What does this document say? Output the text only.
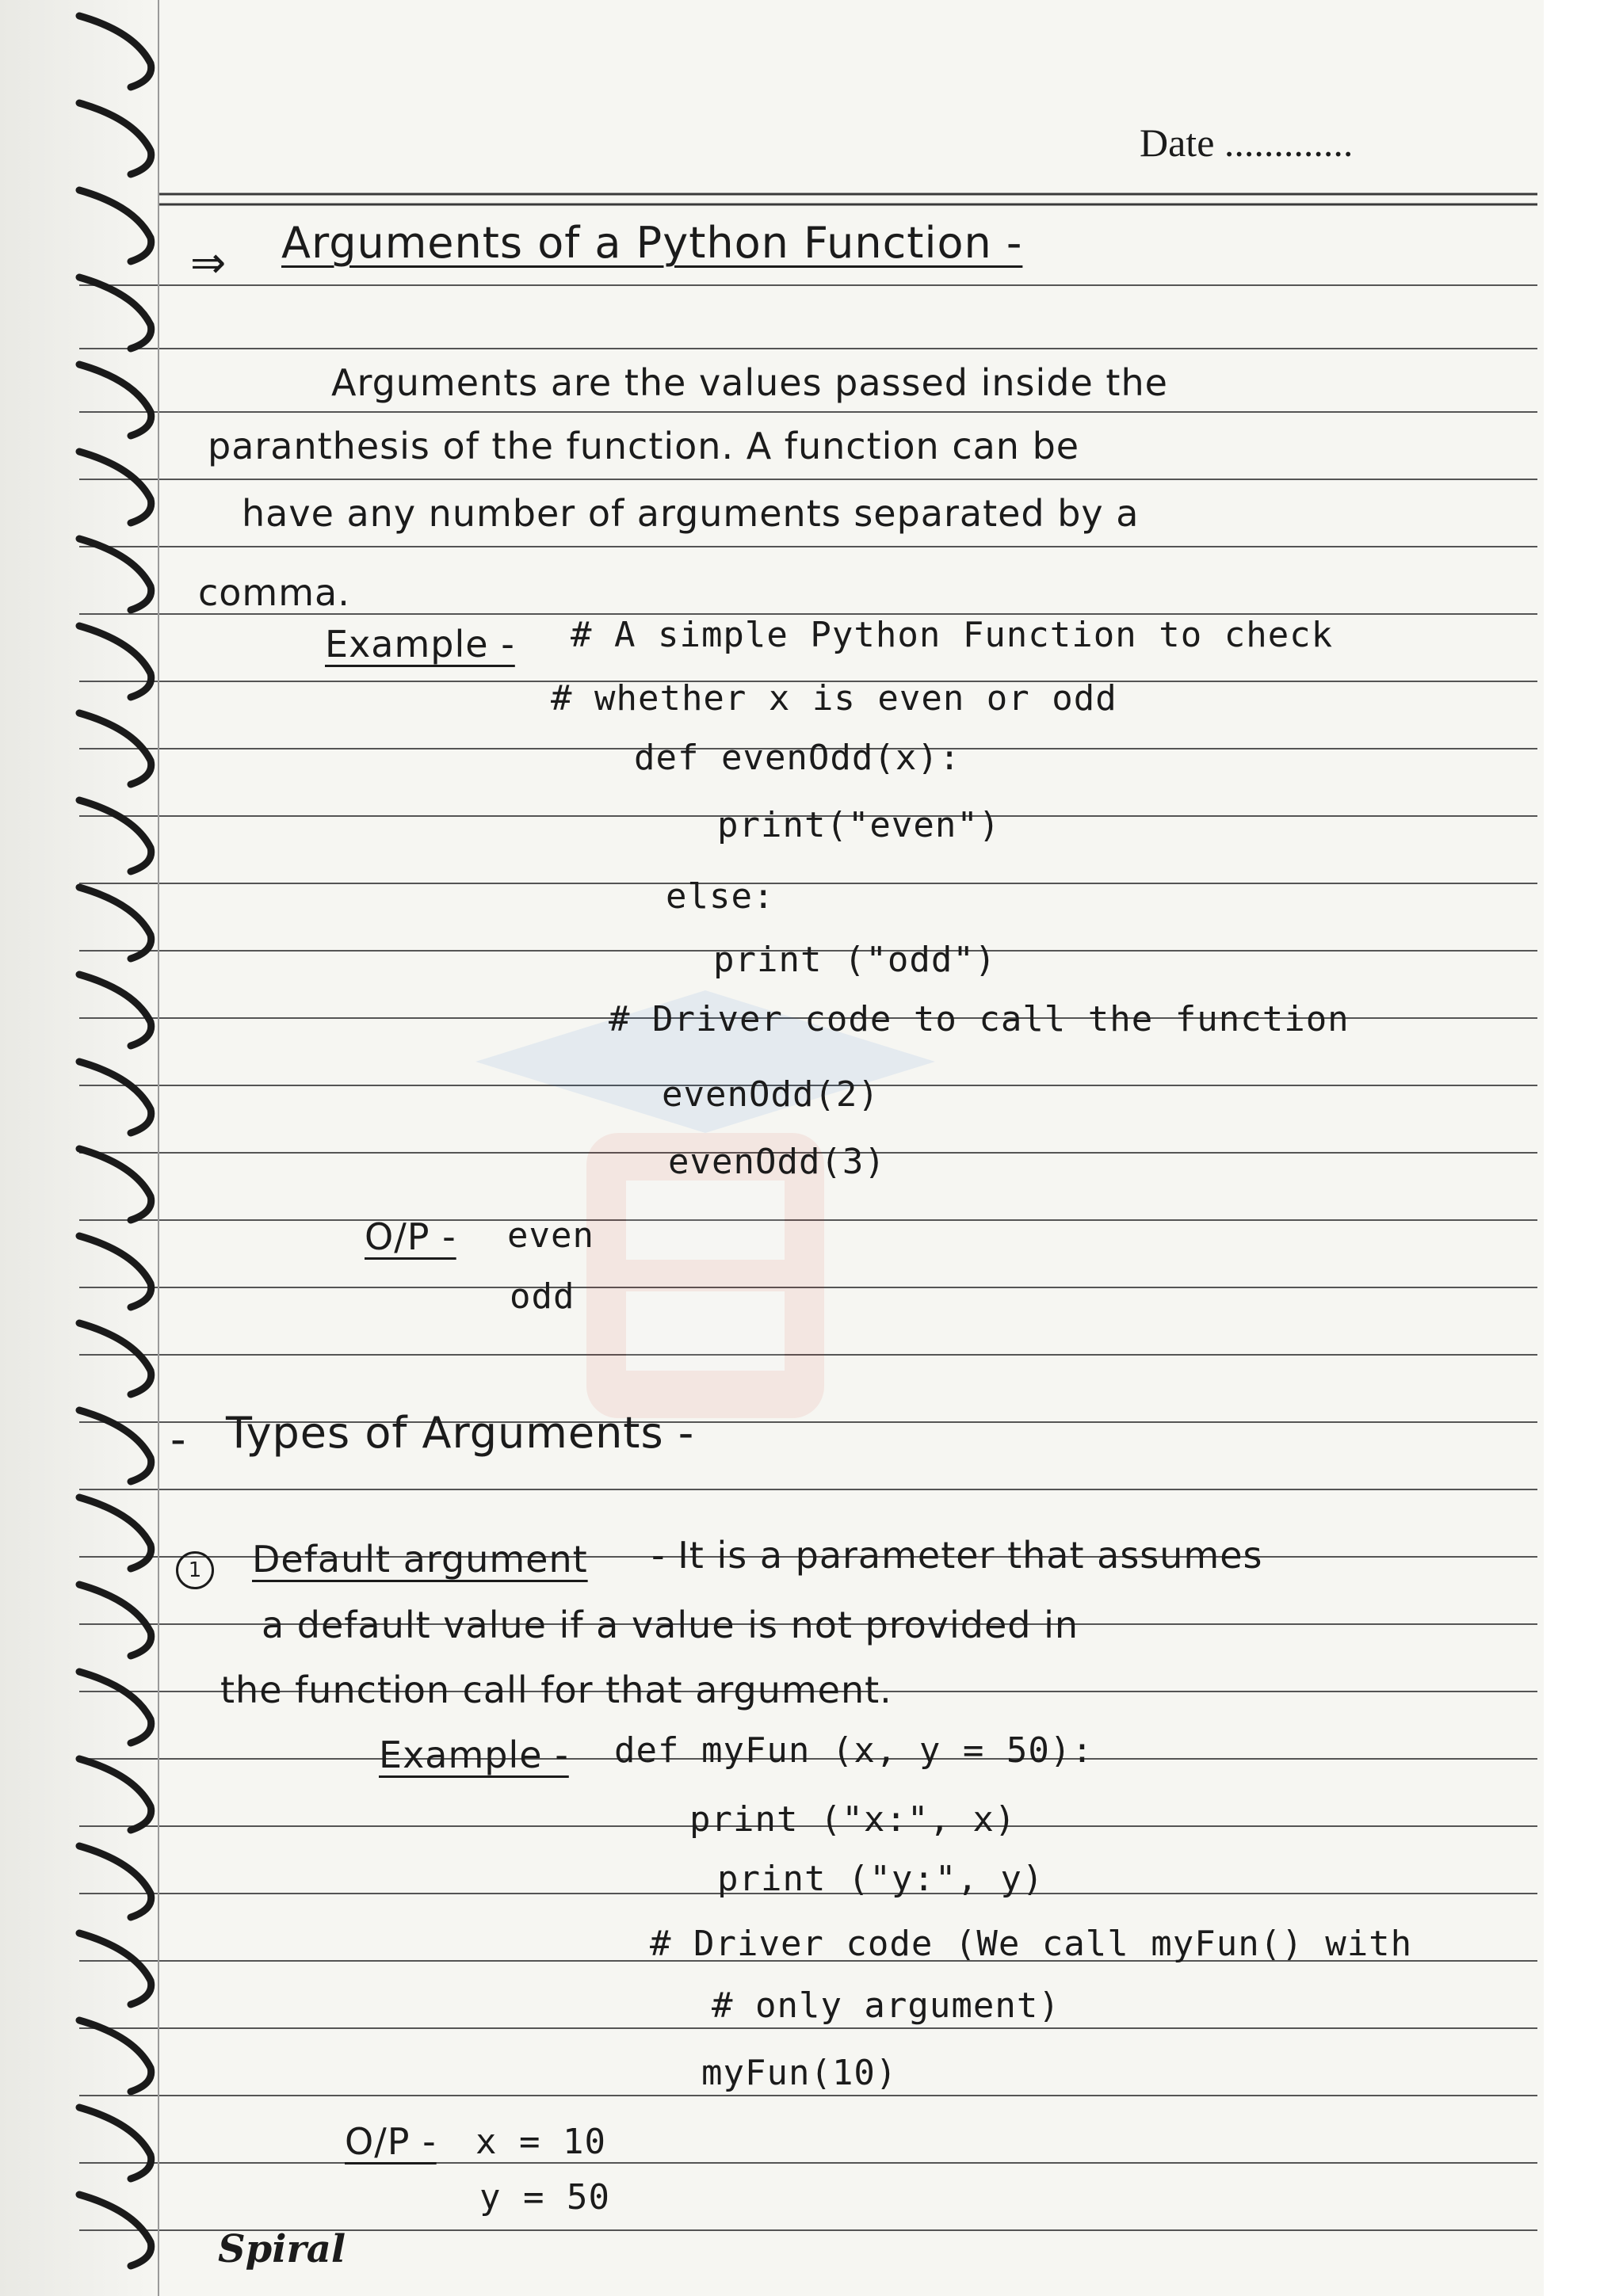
Date .............

⇒ Arguments of a Python Function -

Arguments are the values passed inside the

paranthesis of the function. A function can be

have any number of arguments separated by a

comma.

Example - # A simple Python Function to check

# whether x is even or odd

def evenOdd(x):

print("even")

else:

print ("odd")

# Driver code to call the function

evenOdd(2)

evenOdd(3)

O/P - even

odd

- Types of Arguments -

1	Default argument - It is a parameter that assumes

a default value if a value is not provided in

the function call for that argument.

Example - def myFun (x, y = 50):

print ("x:", x)

print ("y:", y)

# Driver code (We call myFun() with

# only argument)

myFun(10)

O/P - x = 10

y = 50

Spiral
